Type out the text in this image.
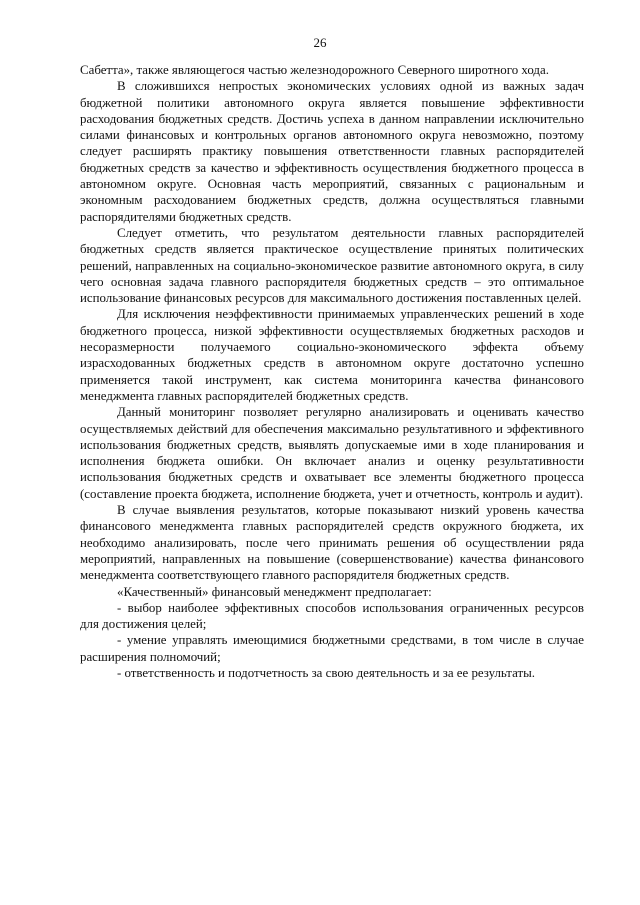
26

Сабетта», также являющегося частью железнодорожного Северного широтного хода.

В сложившихся непростых экономических условиях одной из важных задач бюджетной политики автономного округа является повышение эффективности расходования бюджетных средств. Достичь успеха в данном направлении исключительно силами финансовых и контрольных органов автономного округа невозможно, поэтому следует расширять практику повышения ответственности главных распорядителей бюджетных средств за качество и эффективность осуществления бюджетного процесса в автономном округе. Основная часть мероприятий, связанных с рациональным и экономным расходованием бюджетных средств, должна осуществляться главными распорядителями бюджетных средств.

Следует отметить, что результатом деятельности главных распорядителей бюджетных средств является практическое осуществление принятых политических решений, направленных на социально-экономическое развитие автономного округа, в силу чего основная задача главного распорядителя бюджетных средств – это оптимальное использование финансовых ресурсов для максимального достижения поставленных целей.

Для исключения неэффективности принимаемых управленческих решений в ходе бюджетного процесса, низкой эффективности осуществляемых бюджетных расходов и несоразмерности получаемого социально-экономического эффекта объему израсходованных бюджетных средств в автономном округе достаточно успешно применяется такой инструмент, как система мониторинга качества финансового менеджмента главных распорядителей бюджетных средств.

Данный мониторинг позволяет регулярно анализировать и оценивать качество осуществляемых действий для обеспечения максимально результативного и эффективного использования бюджетных средств, выявлять допускаемые ими в ходе планирования и исполнения бюджета ошибки. Он включает анализ и оценку результативности использования бюджетных средств и охватывает все элементы бюджетного процесса (составление проекта бюджета, исполнение бюджета, учет и отчетность, контроль и аудит).

В случае выявления результатов, которые показывают низкий уровень качества финансового менеджмента главных распорядителей средств окружного бюджета, их необходимо анализировать, после чего принимать решения об осуществлении ряда мероприятий, направленных на повышение (совершенствование) качества финансового менеджмента соответствующего главного распорядителя бюджетных средств.

«Качественный» финансовый менеджмент предполагает:

- выбор наиболее эффективных способов использования ограниченных ресурсов для достижения целей;

- умение управлять имеющимися бюджетными средствами, в том числе в случае расширения полномочий;

- ответственность и подотчетность за свою деятельность и за ее результаты.
